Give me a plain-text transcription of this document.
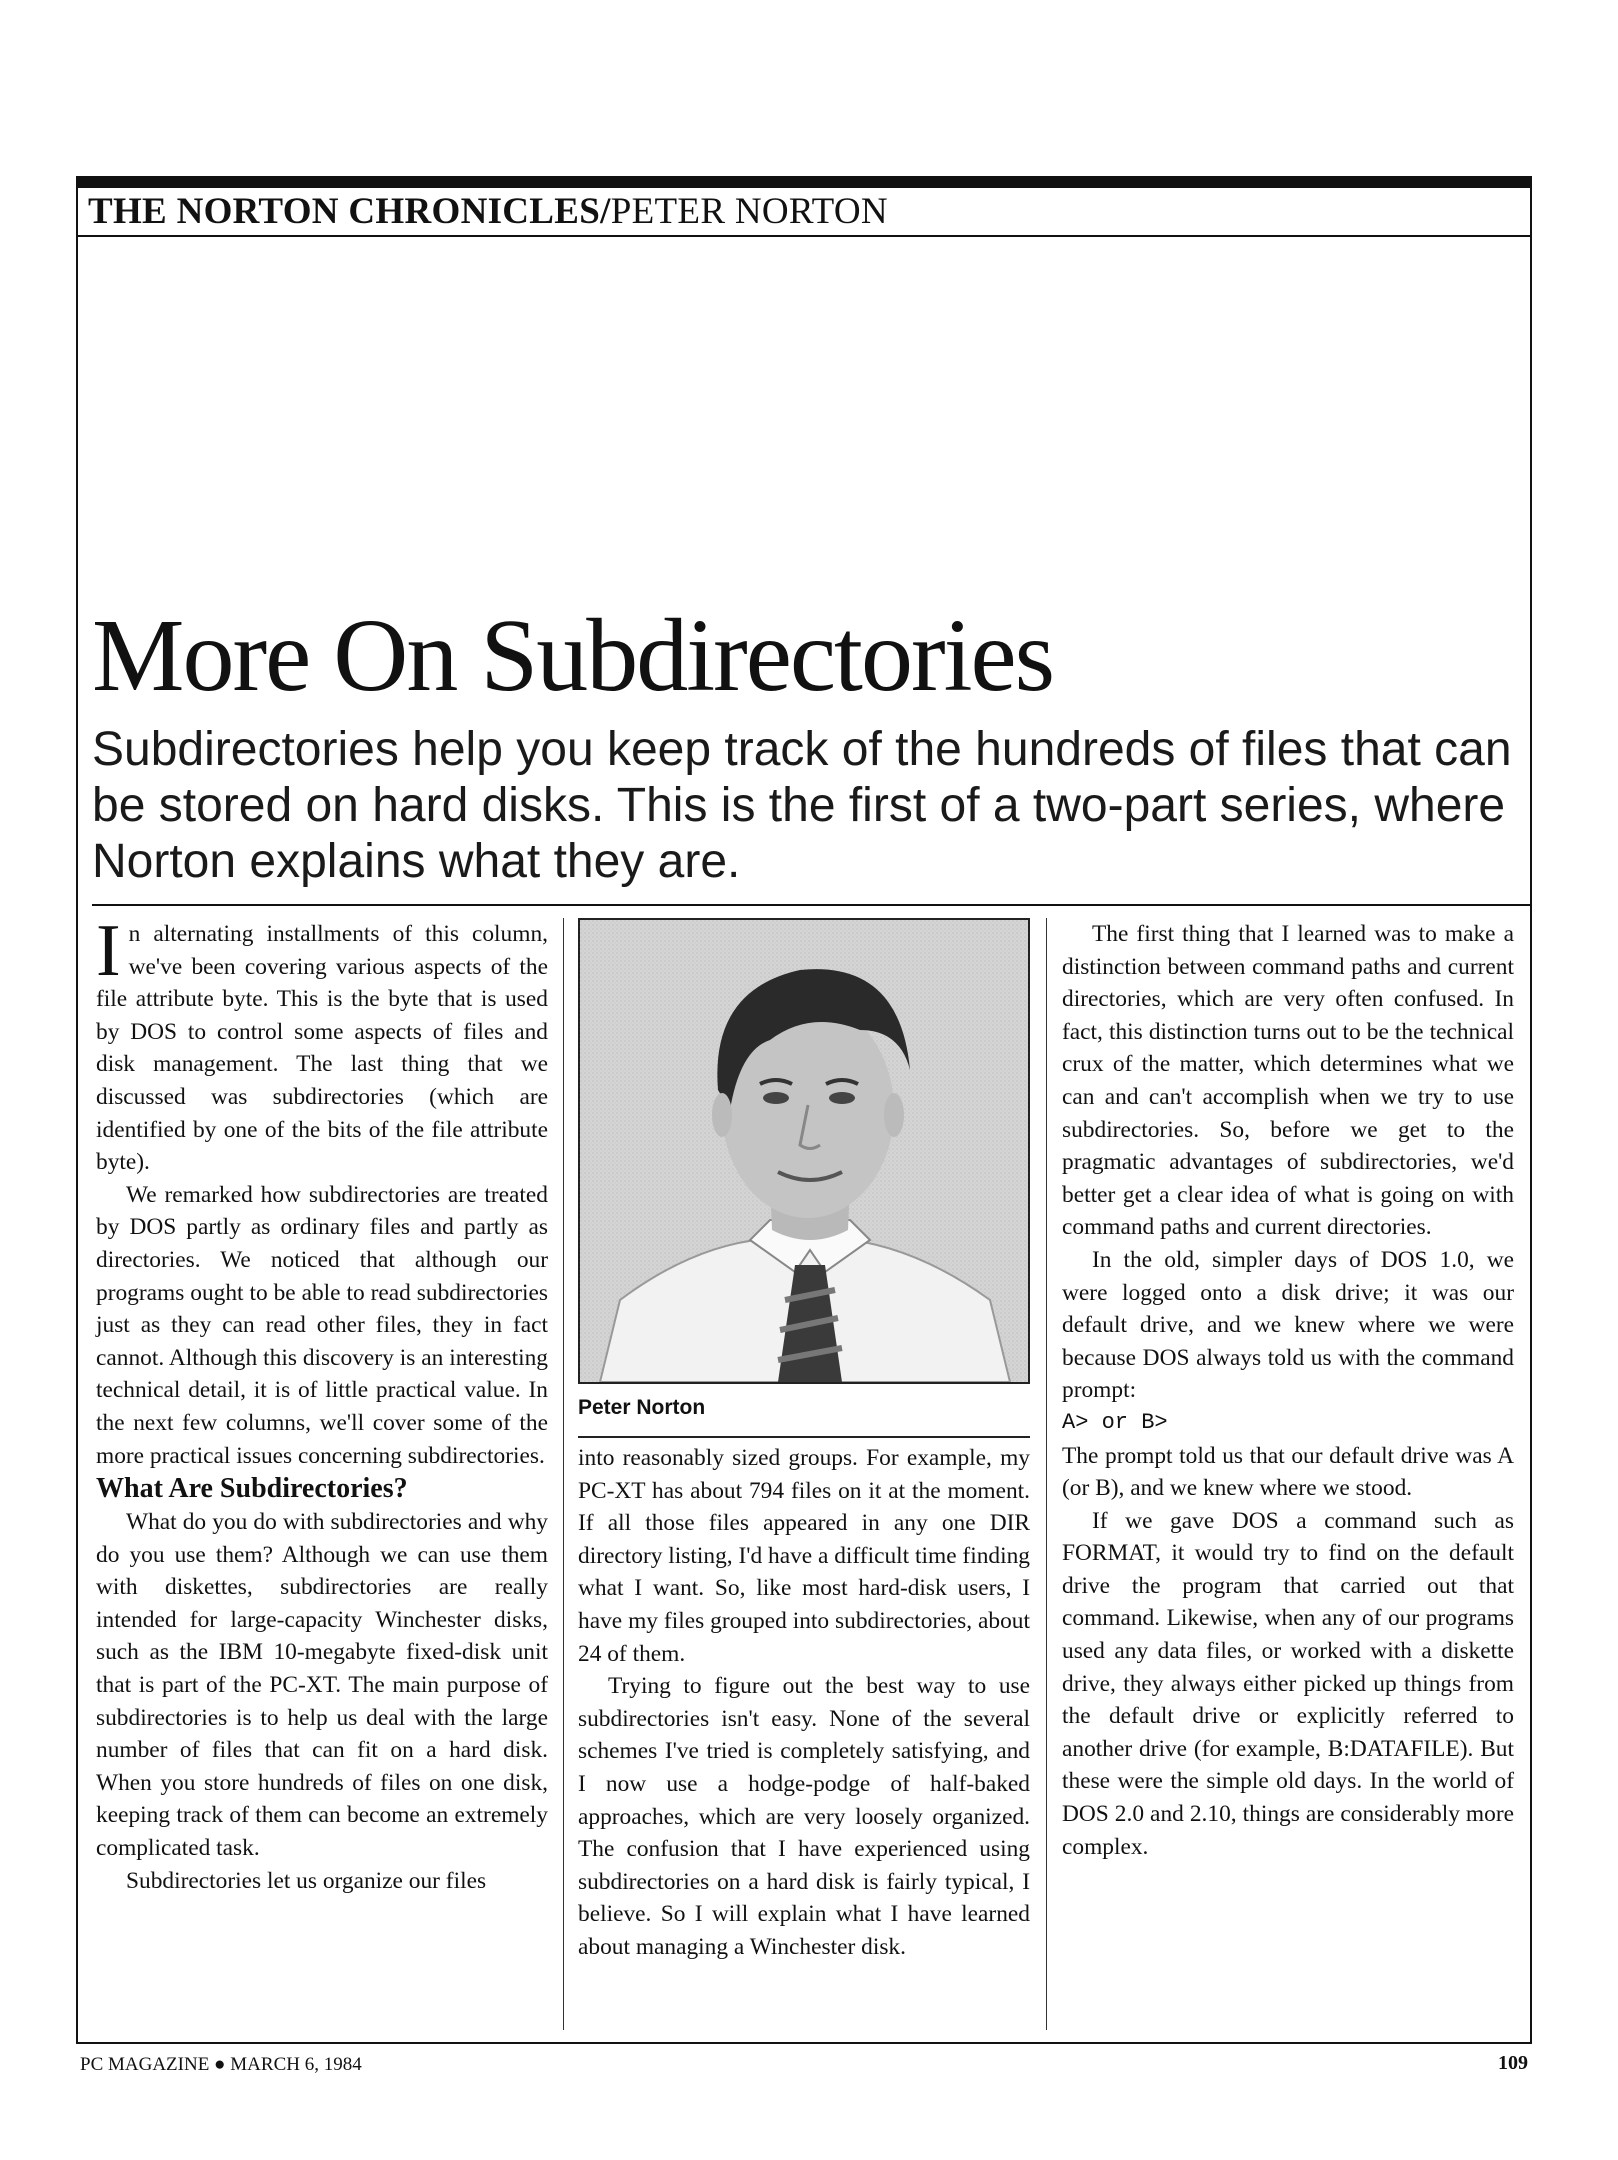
THE NORTON CHRONICLES/PETER NORTON
More On Subdirectories
Subdirectories help you keep track of the hundreds of files that can be stored on hard disks. This is the first of a two-part series, where Norton explains what they are.

In alternating installments of this column, we've been covering various aspects of the file attribute byte. This is the byte that is used by DOS to control some aspects of files and disk management. The last thing that we discussed was subdirectories (which are identified by one of the bits of the file attribute byte).

We remarked how subdirectories are treated by DOS partly as ordinary files and partly as directories. We noticed that although our programs ought to be able to read subdirectories just as they can read other files, they in fact cannot. Although this discovery is an interesting technical detail, it is of little practical value. In the next few columns, we'll cover some of the more practical issues concerning subdirectories.

What Are Subdirectories?

What do you do with subdirectories and why do you use them? Although we can use them with diskettes, subdirectories are really intended for large-capacity Winchester disks, such as the IBM 10-megabyte fixed-disk unit that is part of the PC-XT. The main purpose of subdirectories is to help us deal with the large number of files that can fit on a hard disk. When you store hundreds of files on one disk, keeping track of them can become an extremely complicated task.

Subdirectories let us organize our files

Peter Norton

into reasonably sized groups. For example, my PC-XT has about 794 files on it at the moment. If all those files appeared in any one DIR directory listing, I'd have a difficult time finding what I want. So, like most hard-disk users, I have my files grouped into subdirectories, about 24 of them.

Trying to figure out the best way to use subdirectories isn't easy. None of the several schemes I've tried is completely satisfying, and I now use a hodge-podge of half-baked approaches, which are very loosely organized. The confusion that I have experienced using subdirectories on a hard disk is fairly typical, I believe. So I will explain what I have learned about managing a Winchester disk.

The first thing that I learned was to make a distinction between command paths and current directories, which are very often confused. In fact, this distinction turns out to be the technical crux of the matter, which determines what we can and can't accomplish when we try to use subdirectories. So, before we get to the pragmatic advantages of subdirectories, we'd better get a clear idea of what is going on with command paths and current directories.

In the old, simpler days of DOS 1.0, we were logged onto a disk drive; it was our default drive, and we knew where we were because DOS always told us with the command prompt:

A> or B>

The prompt told us that our default drive was A (or B), and we knew where we stood.

If we gave DOS a command such as FORMAT, it would try to find on the default drive the program that carried out that command. Likewise, when any of our programs used any data files, or worked with a diskette drive, they always either picked up things from the default drive or explicitly referred to another drive (for example, B:DATAFILE). But these were the simple old days. In the world of DOS 2.0 and 2.10, things are considerably more complex.

PC MAGAZINE ● MARCH 6, 1984	109
